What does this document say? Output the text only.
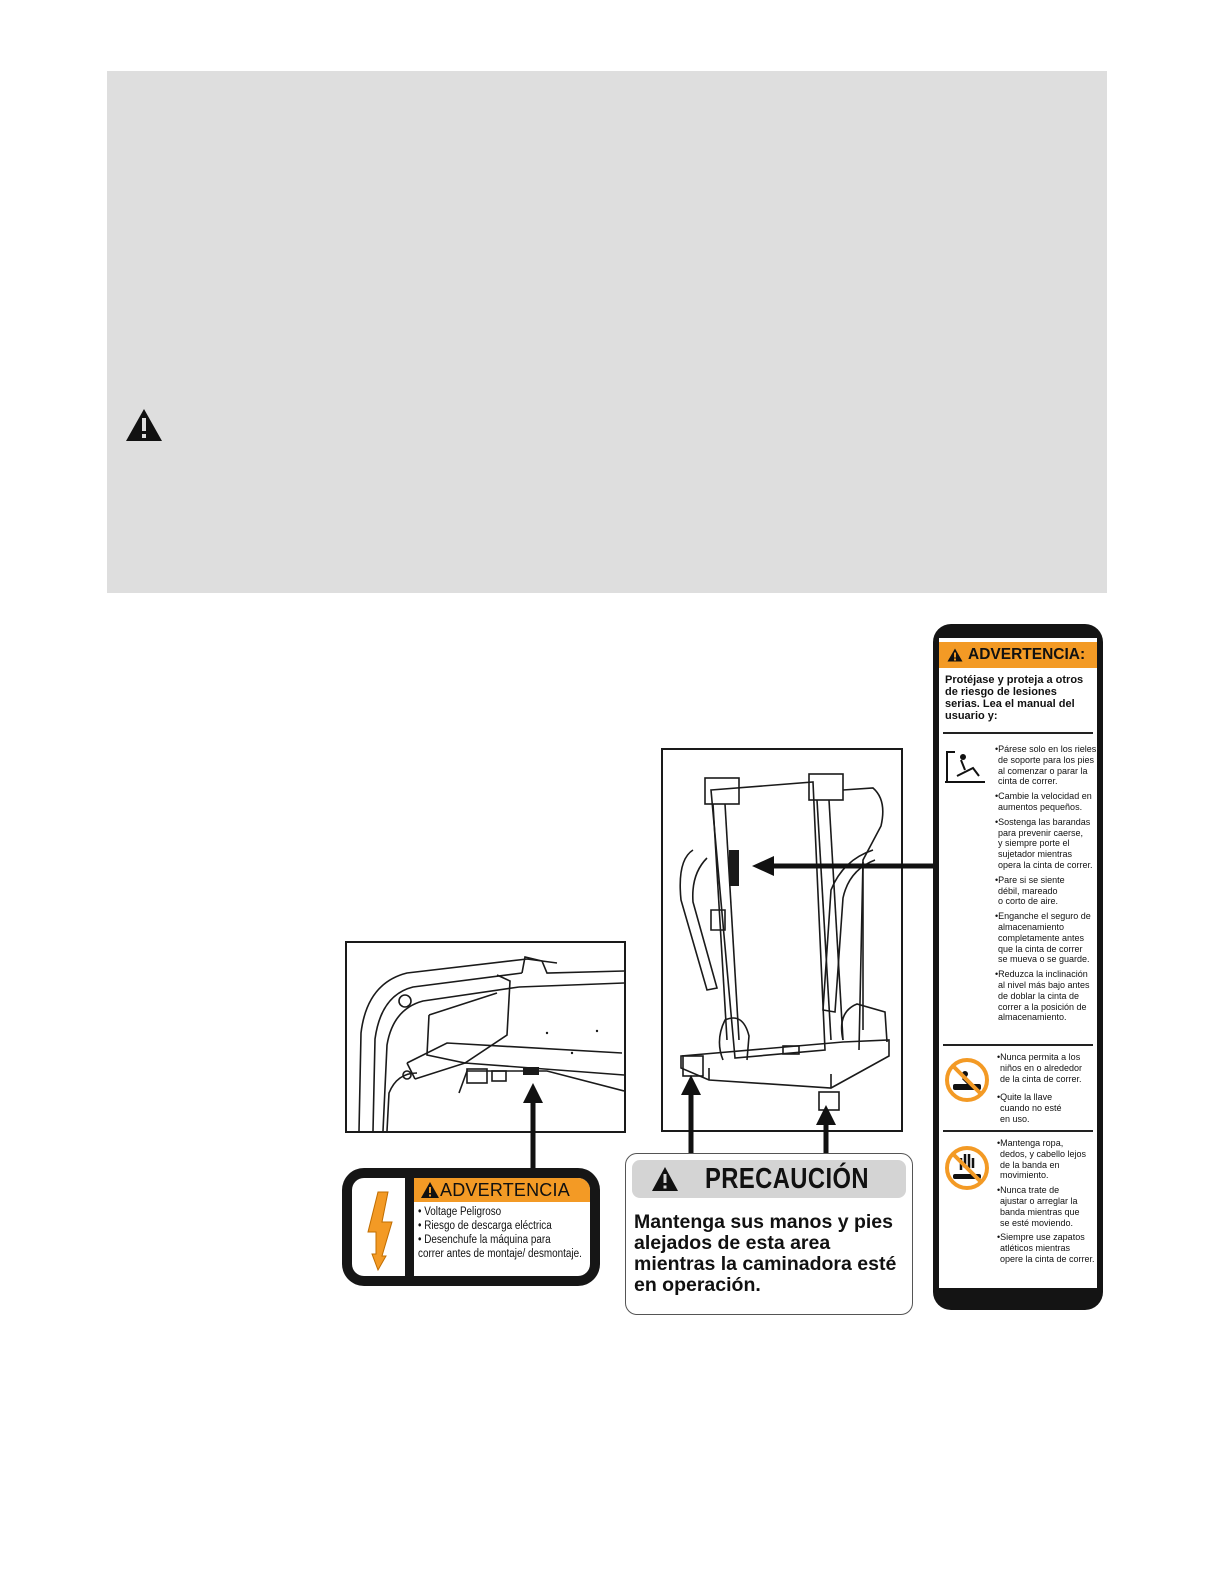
ADVERTENCIA
• Voltage Peligroso
• Riesgo de descarga eléctrica
• Desenchufe la máquina para
correr antes de montaje/ desmontaje.
PRECAUCIÓN
Mantenga sus manos y pies
alejados de esta area
mientras la caminadora esté
en operación.
ADVERTENCIA:
Protéjase y proteja a otros
de riesgo de lesiones
serias. Lea el manual del
usuario y:
•Párese solo en los rieles
de soporte para los pies
al comenzar o parar la
cinta de correr.
•Cambie la velocidad en
aumentos pequeños.
•Sostenga las barandas
para prevenir caerse,
y siempre porte el
sujetador mientras
opera la cinta de correr.
•Pare si se siente
débil, mareado
o corto de aire.
•Enganche el seguro de
almacenamiento
completamente antes
que la cinta de correr
se mueva o se guarde.
•Reduzca la inclinación
al nivel más bajo antes
de doblar la cinta de
correr a la posición de
almacenamiento.
•Nunca permita a los
niños en o alrededor
de la cinta de correr.
•Quite la llave
cuando no esté
en uso.
•Mantenga ropa,
dedos, y cabello lejos
de la banda en
movimiento.
•Nunca trate de
ajustar o arreglar la
banda mientras que
se esté moviendo.
•Siempre use zapatos
atléticos mientras
opere la cinta de correr.
